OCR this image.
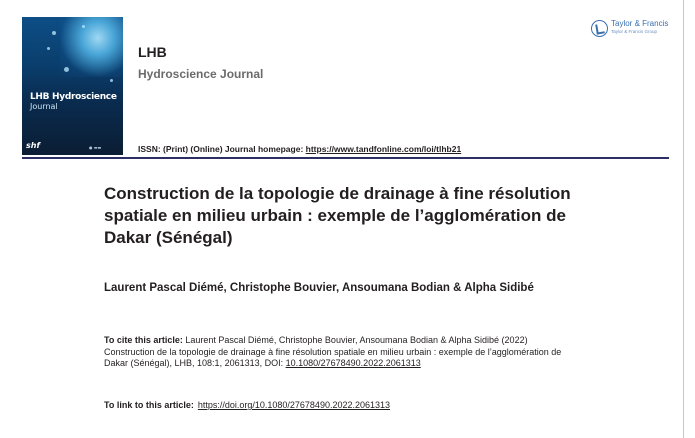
LHB Hydroscience
Journal
shf	● ▬▬
LHB
Hydroscience Journal
ISSN: (Print) (Online) Journal homepage: https://www.tandfonline.com/loi/tlhb21
Taylor & Francis
Taylor & Francis Group
Construction de la topologie de drainage à fine résolution spatiale en milieu urbain : exemple de l’agglomération de Dakar (Sénégal)
Laurent Pascal Diémé, Christophe Bouvier, Ansoumana Bodian & Alpha Sidibé
To cite this article: Laurent Pascal Diémé, Christophe Bouvier, Ansoumana Bodian & Alpha Sidibé (2022) Construction de la topologie de drainage à fine résolution spatiale en milieu urbain : exemple de l’agglomération de Dakar (Sénégal), LHB, 108:1, 2061313, DOI: 10.1080/27678490.2022.2061313
To link to this article: https://doi.org/10.1080/27678490.2022.2061313
